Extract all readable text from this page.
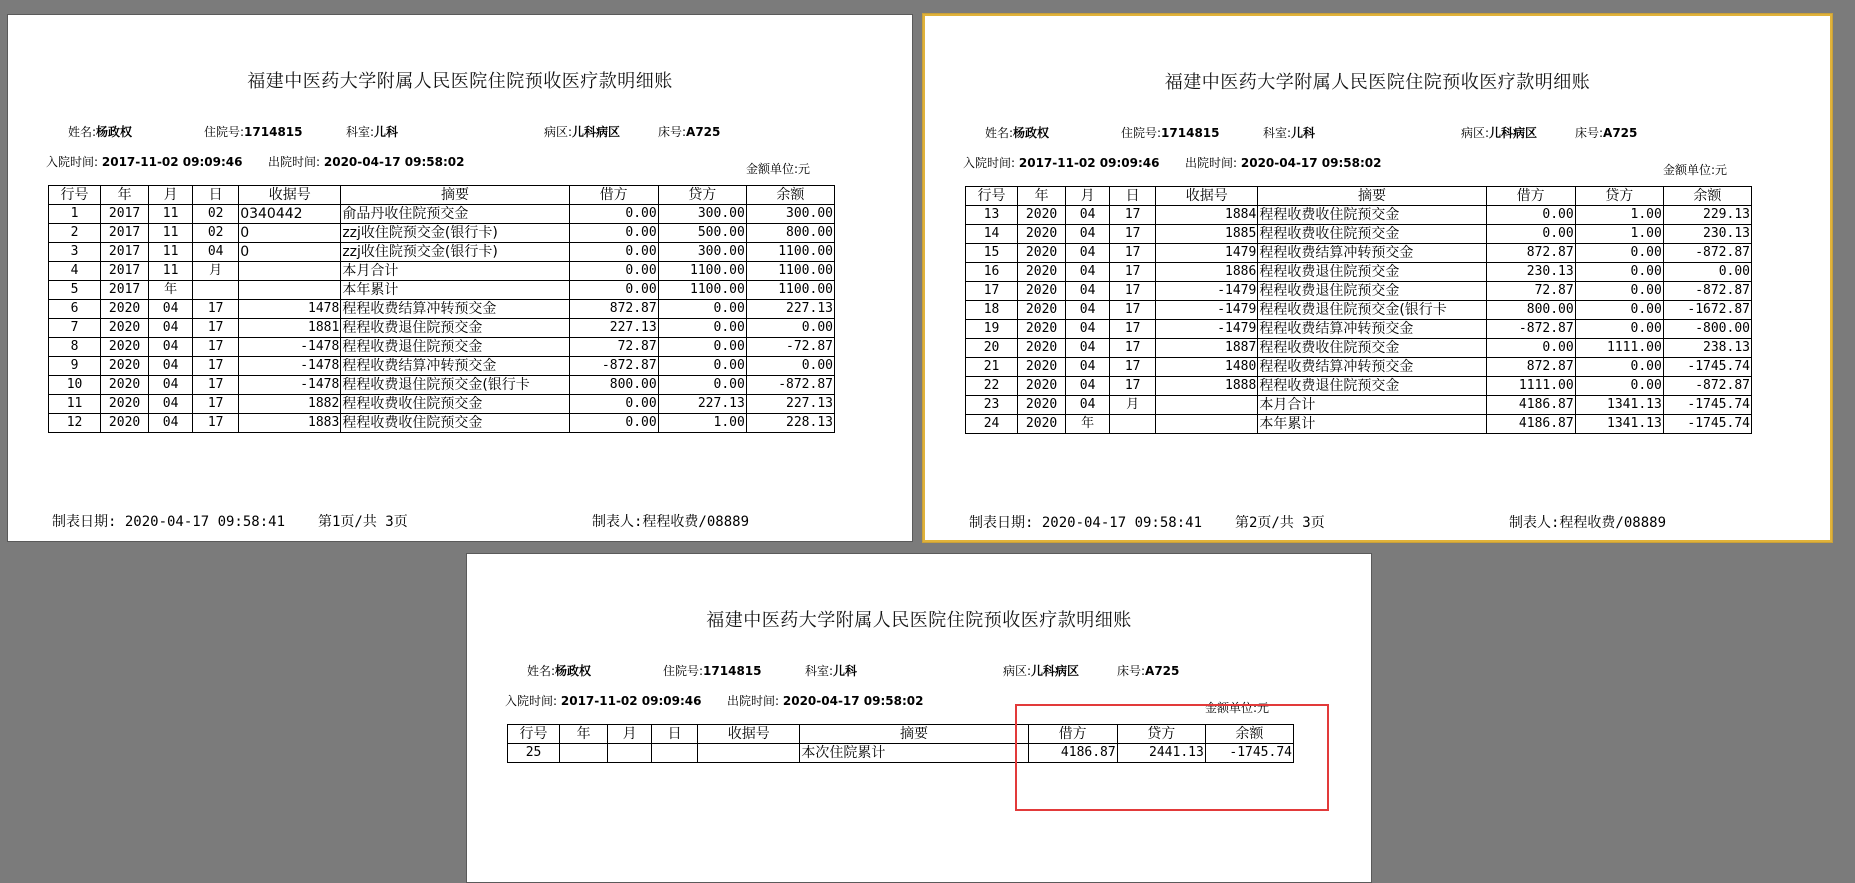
福建中医药大学附属人民医院住院预收医疗款明细账
姓名:杨政权	住院号:1714815	科室:儿科	病区:儿科病区	床号:A725
入院时间: 2017-11-02 09:09:46 出院时间: 2020-04-17 09:58:02	金额单位:元
行号	年	月	日	收据号	摘要	借方	贷方	余额
1	2017	11	02	0340442	俞品丹收住院预交金	0.00	300.00	300.00
2	2017	11	02	0	zzj收住院预交金(银行卡)	0.00	500.00	800.00
3	2017	11	04	0	zzj收住院预交金(银行卡)	0.00	300.00	1100.00
4	2017	11	月		本月合计	0.00	1100.00	1100.00
5	2017	年			本年累计	0.00	1100.00	1100.00
6	2020	04	17	1478	程程收费结算冲转预交金	872.87	0.00	227.13
7	2020	04	17	1881	程程收费退住院预交金	227.13	0.00	0.00
8	2020	04	17	-1478	程程收费退住院预交金	72.87	0.00	-72.87
9	2020	04	17	-1478	程程收费结算冲转预交金	-872.87	0.00	0.00
10	2020	04	17	-1478	程程收费退住院预交金(银行卡	800.00	0.00	-872.87
11	2020	04	17	1882	程程收费收住院预交金	0.00	227.13	227.13
12	2020	04	17	1883	程程收费收住院预交金	0.00	1.00	228.13
制表日期: 2020-04-17 09:58:41 第1页/共 3页	制表人:程程收费/08889
福建中医药大学附属人民医院住院预收医疗款明细账
姓名:杨政权	住院号:1714815	科室:儿科	病区:儿科病区	床号:A725
入院时间: 2017-11-02 09:09:46 出院时间: 2020-04-17 09:58:02	金额单位:元
行号	年	月	日	收据号	摘要	借方	贷方	余额
13	2020	04	17	1884	程程收费收住院预交金	0.00	1.00	229.13
14	2020	04	17	1885	程程收费收住院预交金	0.00	1.00	230.13
15	2020	04	17	1479	程程收费结算冲转预交金	872.87	0.00	-872.87
16	2020	04	17	1886	程程收费退住院预交金	230.13	0.00	0.00
17	2020	04	17	-1479	程程收费退住院预交金	72.87	0.00	-872.87
18	2020	04	17	-1479	程程收费退住院预交金(银行卡	800.00	0.00	-1672.87
19	2020	04	17	-1479	程程收费结算冲转预交金	-872.87	0.00	-800.00
20	2020	04	17	1887	程程收费收住院预交金	0.00	1111.00	238.13
21	2020	04	17	1480	程程收费结算冲转预交金	872.87	0.00	-1745.74
22	2020	04	17	1888	程程收费退住院预交金	1111.00	0.00	-872.87
23	2020	04	月		本月合计	4186.87	1341.13	-1745.74
24	2020	年			本年累计	4186.87	1341.13	-1745.74
制表日期: 2020-04-17 09:58:41 第2页/共 3页	制表人:程程收费/08889
福建中医药大学附属人民医院住院预收医疗款明细账
姓名:杨政权	住院号:1714815	科室:儿科	病区:儿科病区	床号:A725
入院时间: 2017-11-02 09:09:46 出院时间: 2020-04-17 09:58:02	金额单位:元
行号	年	月	日	收据号	摘要	借方	贷方	余额
25					本次住院累计	4186.87	2441.13	-1745.74
